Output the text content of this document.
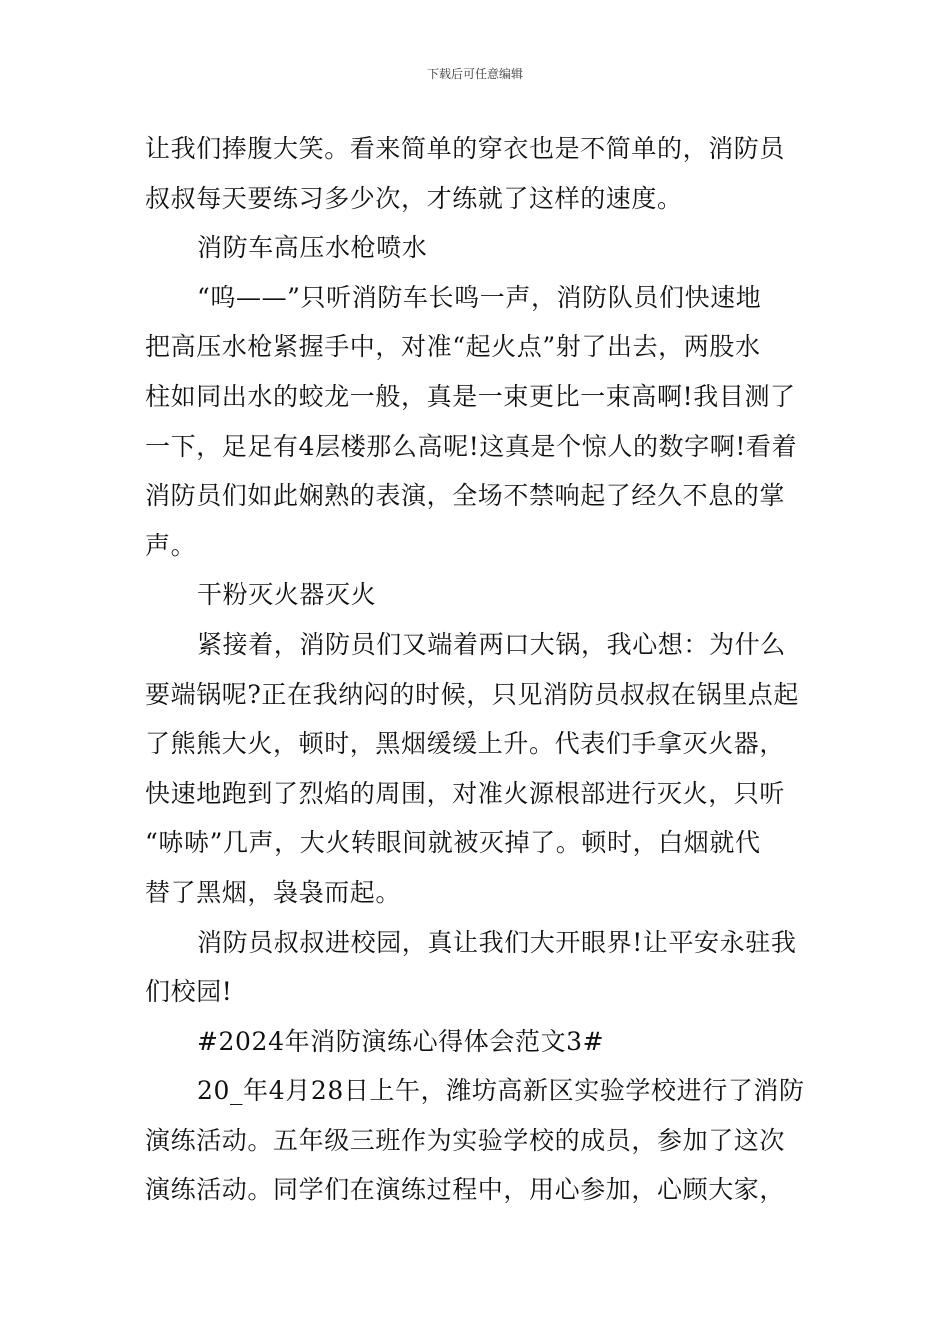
下载后可任意编辑
让我们捧腹大笑。看来简单的穿衣也是不简单的，消防员
叔叔每天要练习多少次，才练就了这样的速度。
消防车高压水枪喷水
“呜——”只听消防车长鸣一声，消防队员们快速地
把高压水枪紧握手中，对准“起火点”射了出去，两股水
柱如同出水的蛟龙一般，真是一束更比一束高啊!我目测了
一下，足足有4层楼那么高呢!这真是个惊人的数字啊!看着
消防员们如此娴熟的表演，全场不禁响起了经久不息的掌
声。
干粉灭火器灭火
紧接着，消防员们又端着两口大锅，我心想：为什么
要端锅呢?正在我纳闷的时候，只见消防员叔叔在锅里点起
了熊熊大火，顿时，黑烟缓缓上升。代表们手拿灭火器，
快速地跑到了烈焰的周围，对准火源根部进行灭火，只听
“哧哧”几声，大火转眼间就被灭掉了。顿时，白烟就代
替了黑烟，袅袅而起。
消防员叔叔进校园，真让我们大开眼界!让平安永驻我
们校园!
#2024年消防演练心得体会范文3#
20_年4月28日上午，潍坊高新区实验学校进行了消防
演练活动。五年级三班作为实验学校的成员，参加了这次
演练活动。同学们在演练过程中，用心参加，心顾大家，
